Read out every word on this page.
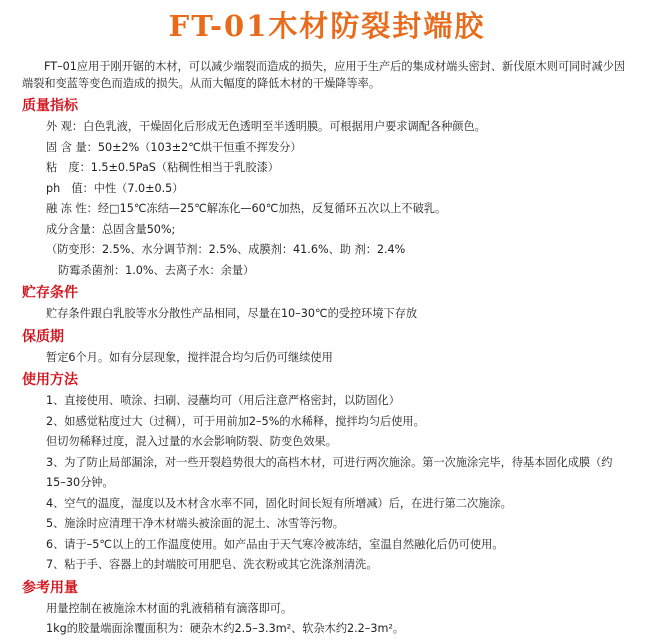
FT-01木材防裂封端胶
FT–01应用于刚开锯的木材，可以减少端裂而造成的损失，应用于生产后的集成材端头密封、新伐原木则可同时减少因端裂和变蓝等变色而造成的损失。从而大幅度的降低木材的干燥降等率。
质量指标
外 观：白色乳液，干燥固化后形成无色透明至半透明膜。可根据用户要求调配各种颜色。
固 含 量：50±2%（103±2℃烘干恒重不挥发分）
粘　度：1.5±0.5PaS（粘稠性相当于乳胶漆）
ph　值：中性（7.0±0.5）
融 冻 性：经□15℃冻结—25℃解冻化—60℃加热，反复循环五次以上不破乳。
成分含量：总固含量50%;
（防变形：2.5%、水分调节剂：2.5%、成膜剂：41.6%、助 剂：2.4%
防霉杀菌剂：1.0%、去离子水：余量）
贮存条件
贮存条件跟白乳胶等水分散性产品相同，尽量在10–30℃的受控环境下存放
保质期
暂定6个月。如有分层现象，搅拌混合均匀后仍可继续使用
使用方法
1、直接使用、喷涂、扫刷、浸蘸均可（用后注意严格密封，以防固化）
2、如感觉粘度过大（过稠），可于用前加2–5%的水稀释，搅拌均匀后使用。
但切勿稀释过度，混入过量的水会影响防裂、防变色效果。
3、为了防止局部漏涂，对一些开裂趋势很大的高档木材，可进行两次施涂。第一次施涂完毕，待基本固化成膜（约15–30分钟。
4、空气的温度，湿度以及木材含水率不同，固化时间长短有所增减）后，在进行第二次施涂。
5、施涂时应清理干净木材端头被涂面的泥土、冰雪等污物。
6、请于–5℃以上的工作温度使用。如产品由于天气寒冷被冻结，室温自然融化后仍可使用。
7、粘于手、容器上的封端胶可用肥皂、洗衣粉或其它洗涤剂清洗。
参考用量
用量控制在被施涂木材面的乳液稍稍有滴落即可。
1kg的胶量端面涂覆面积为：硬杂木约2.5–3.3m²、软杂木约2.2–3m²。
